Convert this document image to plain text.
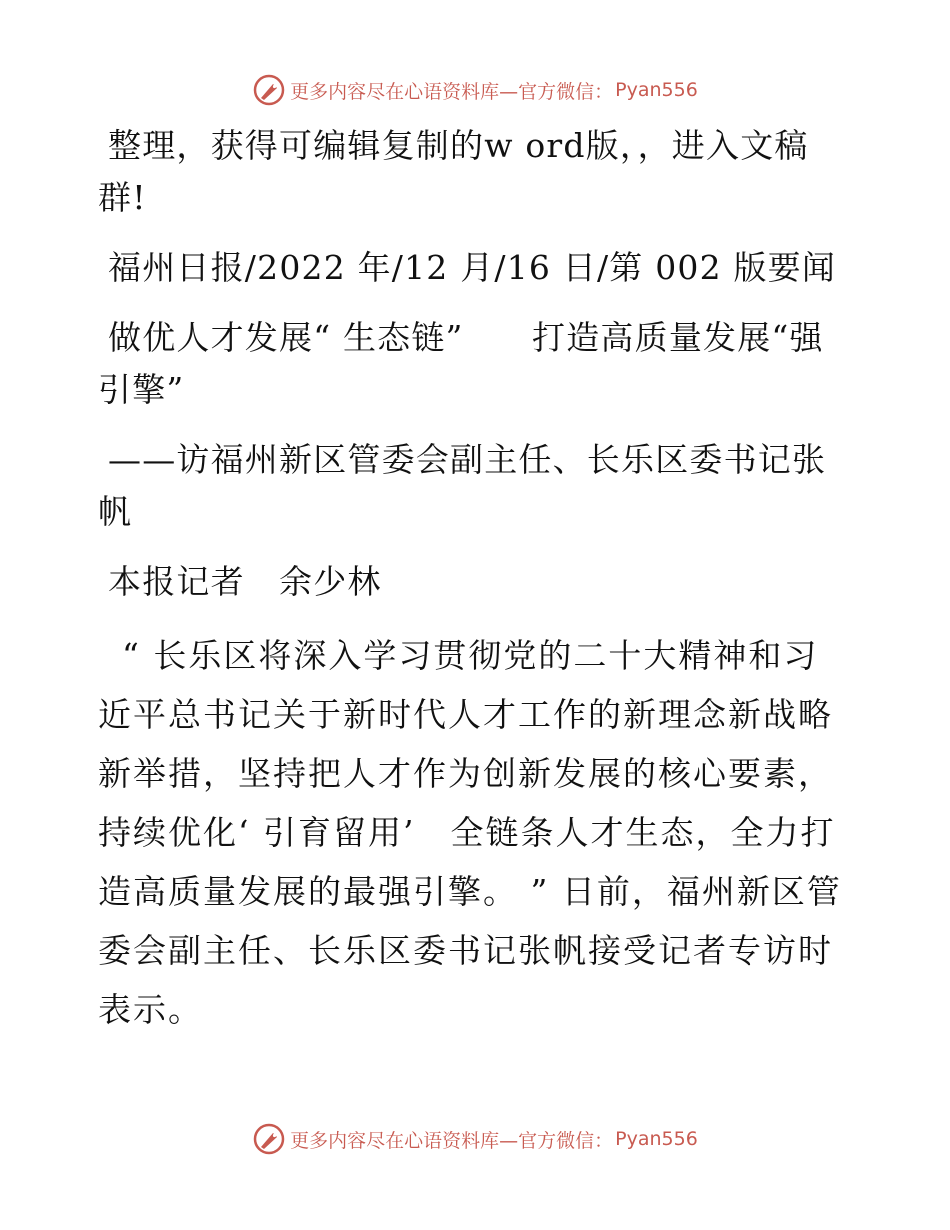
更多内容尽在心语资料库—官方微信： Pyan556

整理，获得可编辑复制的w ord版，，进入文稿群!

福州日报/2022 年/12 月/16 日/第 002 版要闻

做优人才发展“ 生态链”　　打造高质量发展“强引擎”

——访福州新区管委会副主任、长乐区委书记张帆

本报记者　余少林

“ 长乐区将深入学习贯彻党的二十大精神和习近平总书记关于新时代人才工作的新理念新战略新举措，坚持把人才作为创新发展的核心要素，持续优化‘ 引育留用’　全链条人才生态，全力打造高质量发展的最强引擎。 ” 日前，福州新区管委会副主任、长乐区委书记张帆接受记者专访时表示。

更多内容尽在心语资料库—官方微信： Pyan556
